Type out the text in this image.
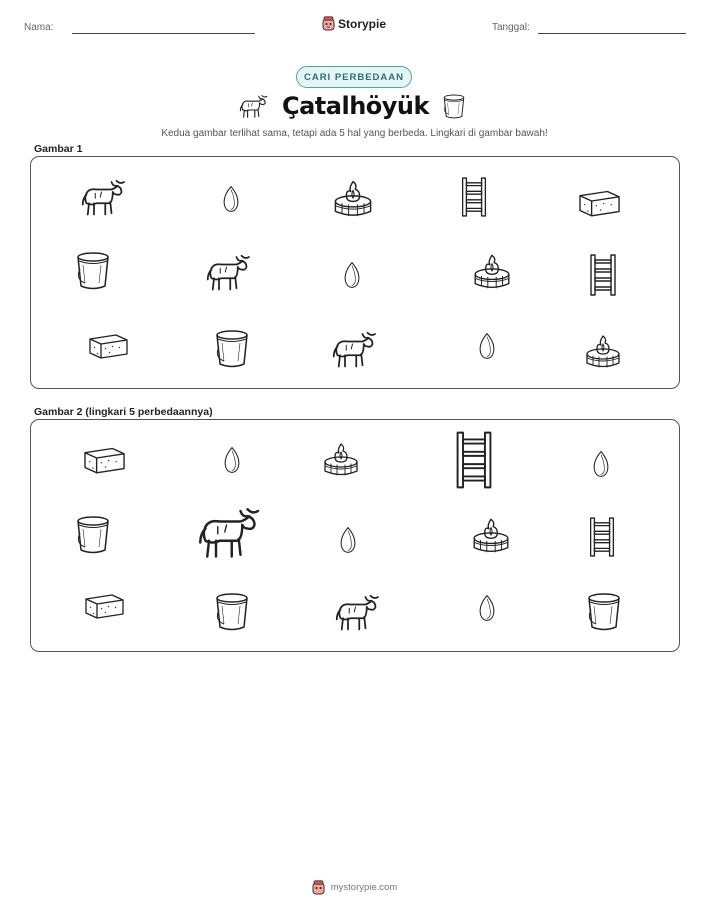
Nama:	Storypie	Tanggal:
CARI PERBEDAAN
Çatalhöyük
Kedua gambar terlihat sama, tetapi ada 5 hal yang berbeda. Lingkari di gambar bawah!
Gambar 1
Gambar 2 (lingkari 5 perbedaannya)
mystorypie.com
